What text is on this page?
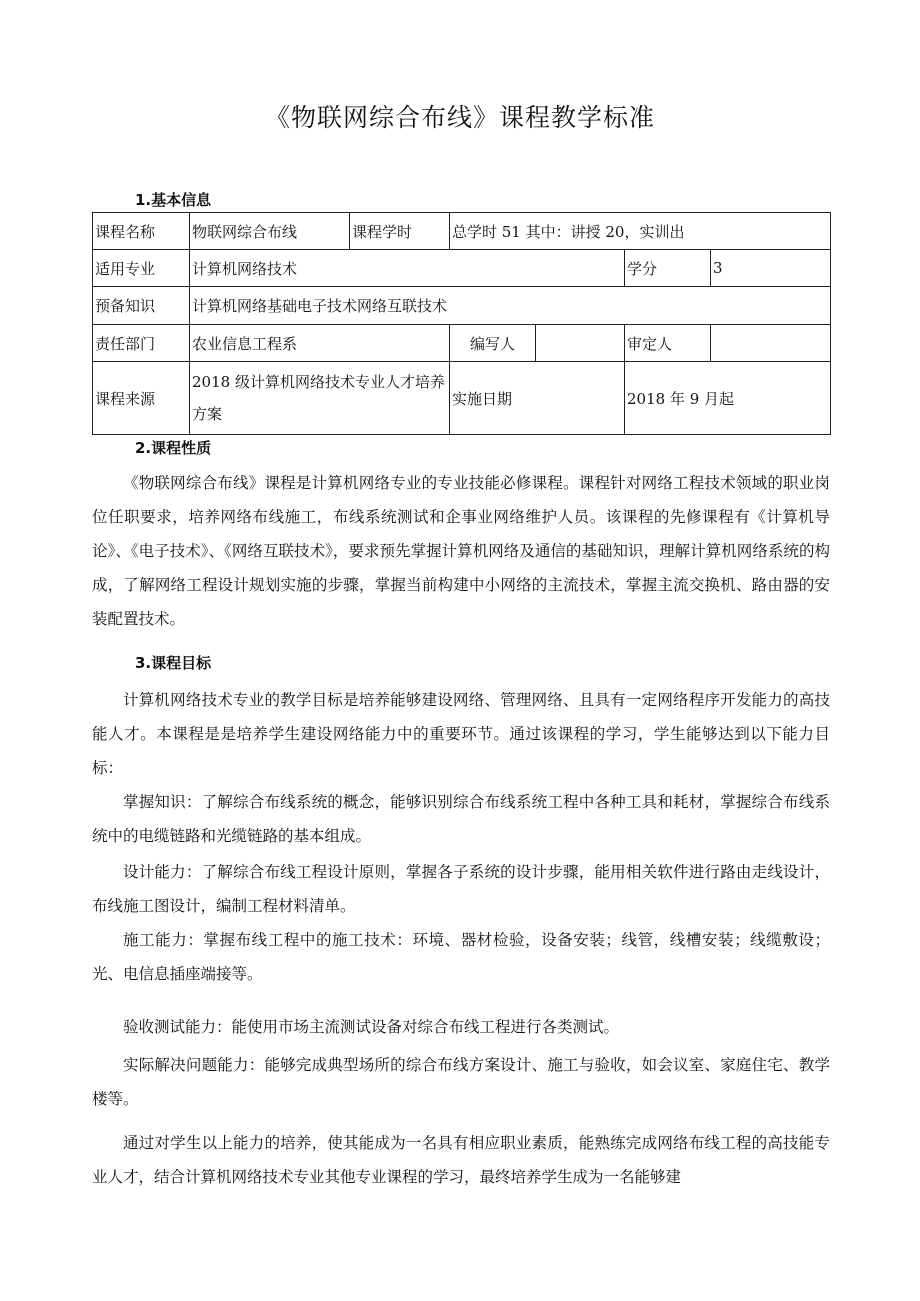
《物联网综合布线》课程教学标准
1.基本信息
课程名称	物联网综合布线	课程学时	总学时 51 其中：讲授 20，实训出			
适用专业	计算机网络技术				学分	3
预备知识	计算机网络基础电子技术网络互联技术					
责任部门	农业信息工程系		编写人		审定人	
课程来源	2018 级计算机网络技术专业人才培养方案		实施日期		2018 年 9 月起	
2.课程性质
《物联网综合布线》课程是计算机网络专业的专业技能必修课程。课程针对网络工程技术领域的职业岗位任职要求，培养网络布线施工，布线系统测试和企事业网络维护人员。该课程的先修课程有《计算机导论》、《电子技术》、《网络互联技术》，要求预先掌握计算机网络及通信的基础知识，理解计算机网络系统的构成，了解网络工程设计规划实施的步骤，掌握当前构建中小网络的主流技术，掌握主流交换机、路由器的安装配置技术。
3.课程目标
计算机网络技术专业的教学目标是培养能够建设网络、管理网络、且具有一定网络程序开发能力的高技能人才。本课程是是培养学生建设网络能力中的重要环节。通过该课程的学习，学生能够达到以下能力目标：
掌握知识：了解综合布线系统的概念，能够识别综合布线系统工程中各种工具和耗材，掌握综合布线系统中的电缆链路和光缆链路的基本组成。
设计能力：了解综合布线工程设计原则，掌握各子系统的设计步骤，能用相关软件进行路由走线设计，布线施工图设计，编制工程材料清单。
施工能力：掌握布线工程中的施工技术：环境、器材检验，设备安装；线管，线槽安装；线缆敷设；光、电信息插座端接等。
验收测试能力：能使用市场主流测试设备对综合布线工程进行各类测试。
实际解决问题能力：能够完成典型场所的综合布线方案设计、施工与验收，如会议室、家庭住宅、教学楼等。
通过对学生以上能力的培养，使其能成为一名具有相应职业素质，能熟练完成网络布线工程的高技能专业人才，结合计算机网络技术专业其他专业课程的学习，最终培养学生成为一名能够建
